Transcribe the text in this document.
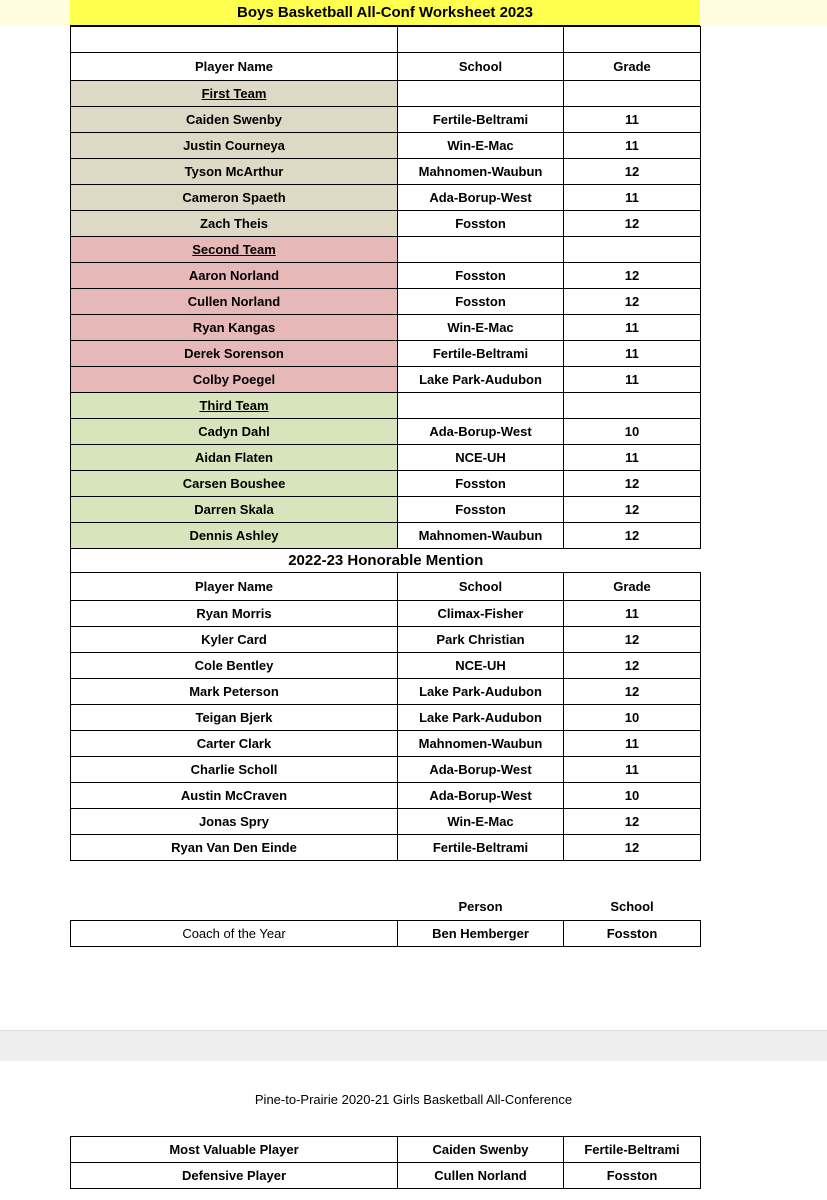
Boys Basketball All-Conf Worksheet 2023

Player Name	School	Grade
First Team		
Caiden Swenby	Fertile-Beltrami	11
Justin Courneya	Win-E-Mac	11
Tyson McArthur	Mahnomen-Waubun	12
Cameron Spaeth	Ada-Borup-West	11
Zach Theis	Fosston	12
Second Team		
Aaron Norland	Fosston	12
Cullen Norland	Fosston	12
Ryan Kangas	Win-E-Mac	11
Derek Sorenson	Fertile-Beltrami	11
Colby Poegel	Lake Park-Audubon	11
Third Team		
Cadyn Dahl	Ada-Borup-West	10
Aidan Flaten	NCE-UH	11
Carsen Boushee	Fosston	12
Darren Skala	Fosston	12
Dennis Ashley	Mahnomen-Waubun	12
2022-23 Honorable Mention		
Player Name	School	Grade
Ryan Morris	Climax-Fisher	11
Kyler Card	Park Christian	12
Cole Bentley	NCE-UH	12
Mark Peterson	Lake Park-Audubon	12
Teigan Bjerk	Lake Park-Audubon	10
Carter Clark	Mahnomen-Waubun	11
Charlie Scholl	Ada-Borup-West	11
Austin McCraven	Ada-Borup-West	10
Jonas Spry	Win-E-Mac	12
Ryan Van Den Einde	Fertile-Beltrami	12
	Person	School
Coach of the Year	Ben Hemberger	Fosston
Pine-to-Prairie 2020-21 Girls Basketball All-Conference
Most Valuable Player	Caiden Swenby	Fertile-Beltrami
Defensive Player	Cullen Norland	Fosston
